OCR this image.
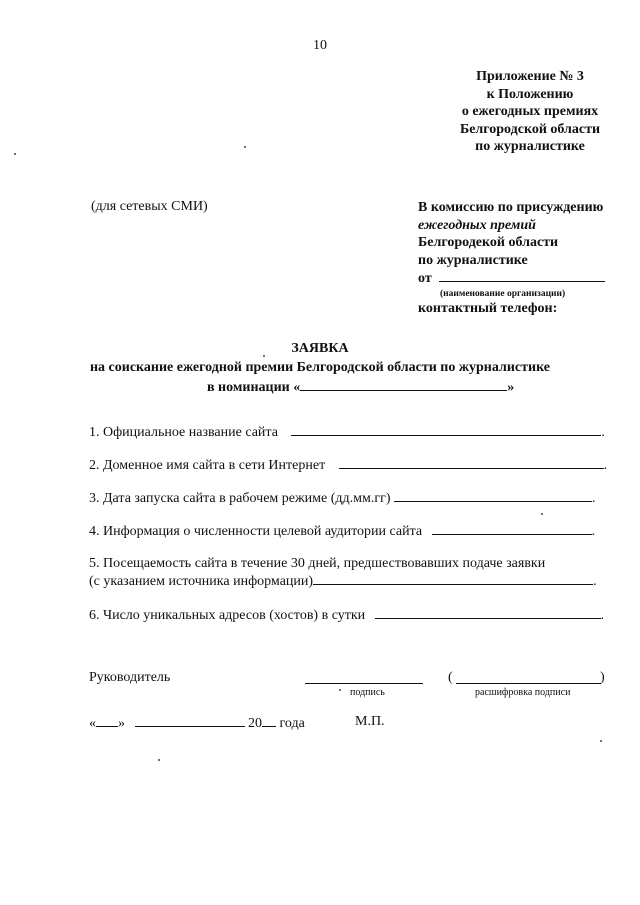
10
Приложение № 3
к Положению
о ежегодных премиях
Белгородской области
по журналистике
(для сетевых СМИ)	В комиссию по присуждению
ежегодных премий
Белгородекой области
по журналистике
от
(наименование организации)
контактный телефон:
ЗАЯВКА
на соискание ежегодной премии Белгородской области по журналистике
в номинации «	»
1. Официальное название сайта	.
2. Доменное имя сайта в сети Интернет	.
3. Дата запуска сайта в рабочем режиме (дд.мм.гг)	.
4. Информация о численности целевой аудитории сайта	.
5. Посещаемость сайта в течение 30 дней, предшествовавших подаче заявки
(с указанием источника информации)	.
6. Число уникальных адресов (хостов) в сутки	.
Руководитель
подпись
(	)
расшифровка подписи
« »	20 года	М.П.
